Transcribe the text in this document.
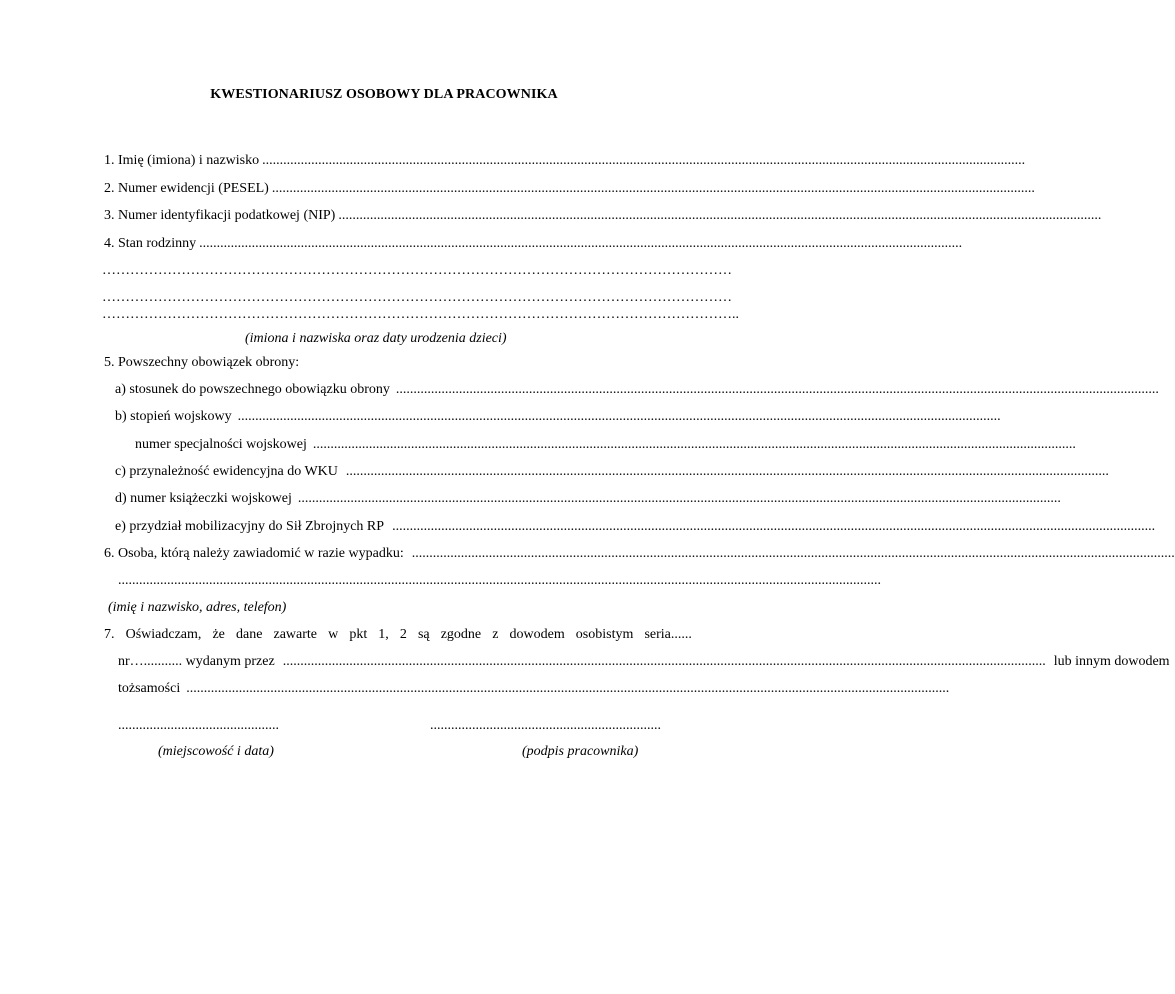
KWESTIONARIUSZ OSOBOWY DLA PRACOWNIKA
1. Imię (imiona) i nazwisko ..........................................................................................................................................................................................................................
2. Numer ewidencji (PESEL) ..........................................................................................................................................................................................................................
3. Numer identyfikacji podatkowej (NIP) ..........................................................................................................................................................................................................................
4. Stan rodzinny ..........................................................................................................................................................................................................................
………………………………………………………………………………………………………………………
………………………………………………………………………………………………………………………
……………………………………………………………………………………………………………………… ..
(imiona i nazwiska oraz daty urodzenia dzieci)
5. Powszechny obowiązek obrony:
a) stosunek do powszechnego obowiązku obrony ..........................................................................................................................................................................................................................
b) stopień wojskowy ..........................................................................................................................................................................................................................
numer specjalności wojskowej ..........................................................................................................................................................................................................................
c) przynależność ewidencyjna do WKU ..........................................................................................................................................................................................................................
d) numer książeczki wojskowej ..........................................................................................................................................................................................................................
e) przydział mobilizacyjny do Sił Zbrojnych RP ..........................................................................................................................................................................................................................
6. Osoba, którą należy zawiadomić w razie wypadku: ..........................................................................................................................................................................................................................
..........................................................................................................................................................................................................................
(imię i nazwisko, adres, telefon)
7. Oświadczam, że dane zawarte w pkt 1, 2 są zgodne z dowodem osobistym seria......
nr…........... wydanym przez .......................................................................................................................................................................................................................... lub innym dowodem
tożsamości ..........................................................................................................................................................................................................................
..............................................
(miejscowość i data)
..................................................................
(podpis pracownika)
